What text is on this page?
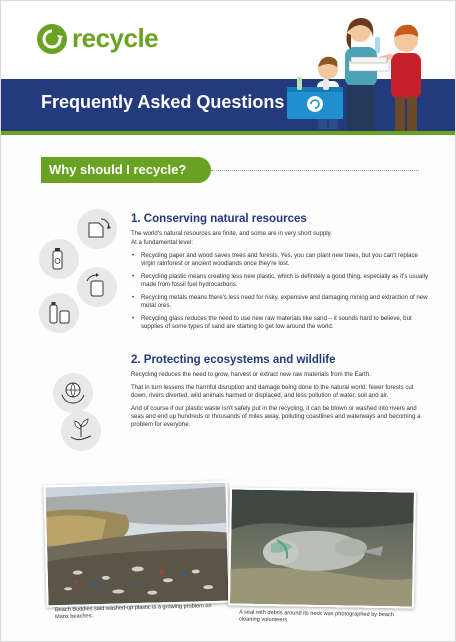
recycle
Frequently Asked Questions
Why should I recycle?
1. Conserving natural resources

The world's natural resources are finite, and some are in very short supply.

At a fundamental level:

• Recycling paper and wood saves trees and forests. Yes, you can plant new trees, but you can't replace virgin rainforest or ancient woodlands once they're lost.
• Recycling plastic means creating less new plastic, which is definitely a good thing, especially as it's usually made from fossil fuel hydrocarbons.
• Recycling metals means there's less need for risky, expensive and damaging mining and extraction of new metal ores.
• Recycling glass reduces the need to use new raw materials like sand – it sounds hard to believe, but supplies of some types of sand are starting to get low around the world.
2. Protecting ecosystems and wildlife

Recycling reduces the need to grow, harvest or extract new raw materials from the Earth.

That in turn lessens the harmful disruption and damage being done to the natural world: fewer forests cut down, rivers diverted, wild animals harmed or displaced, and less pollution of water, soil and air.

And of course if our plastic waste isn't safely put in the recycling, it can be blown or washed into rivers and seas and end up hundreds or thousands of miles away, polluting coastlines and waterways and becoming a problem for everyone.

Beach Buddies said washed-up plastic is a growing problem on Manx beaches.	A seal with debris around its neck was photographed by beach cleaning volunteers.
